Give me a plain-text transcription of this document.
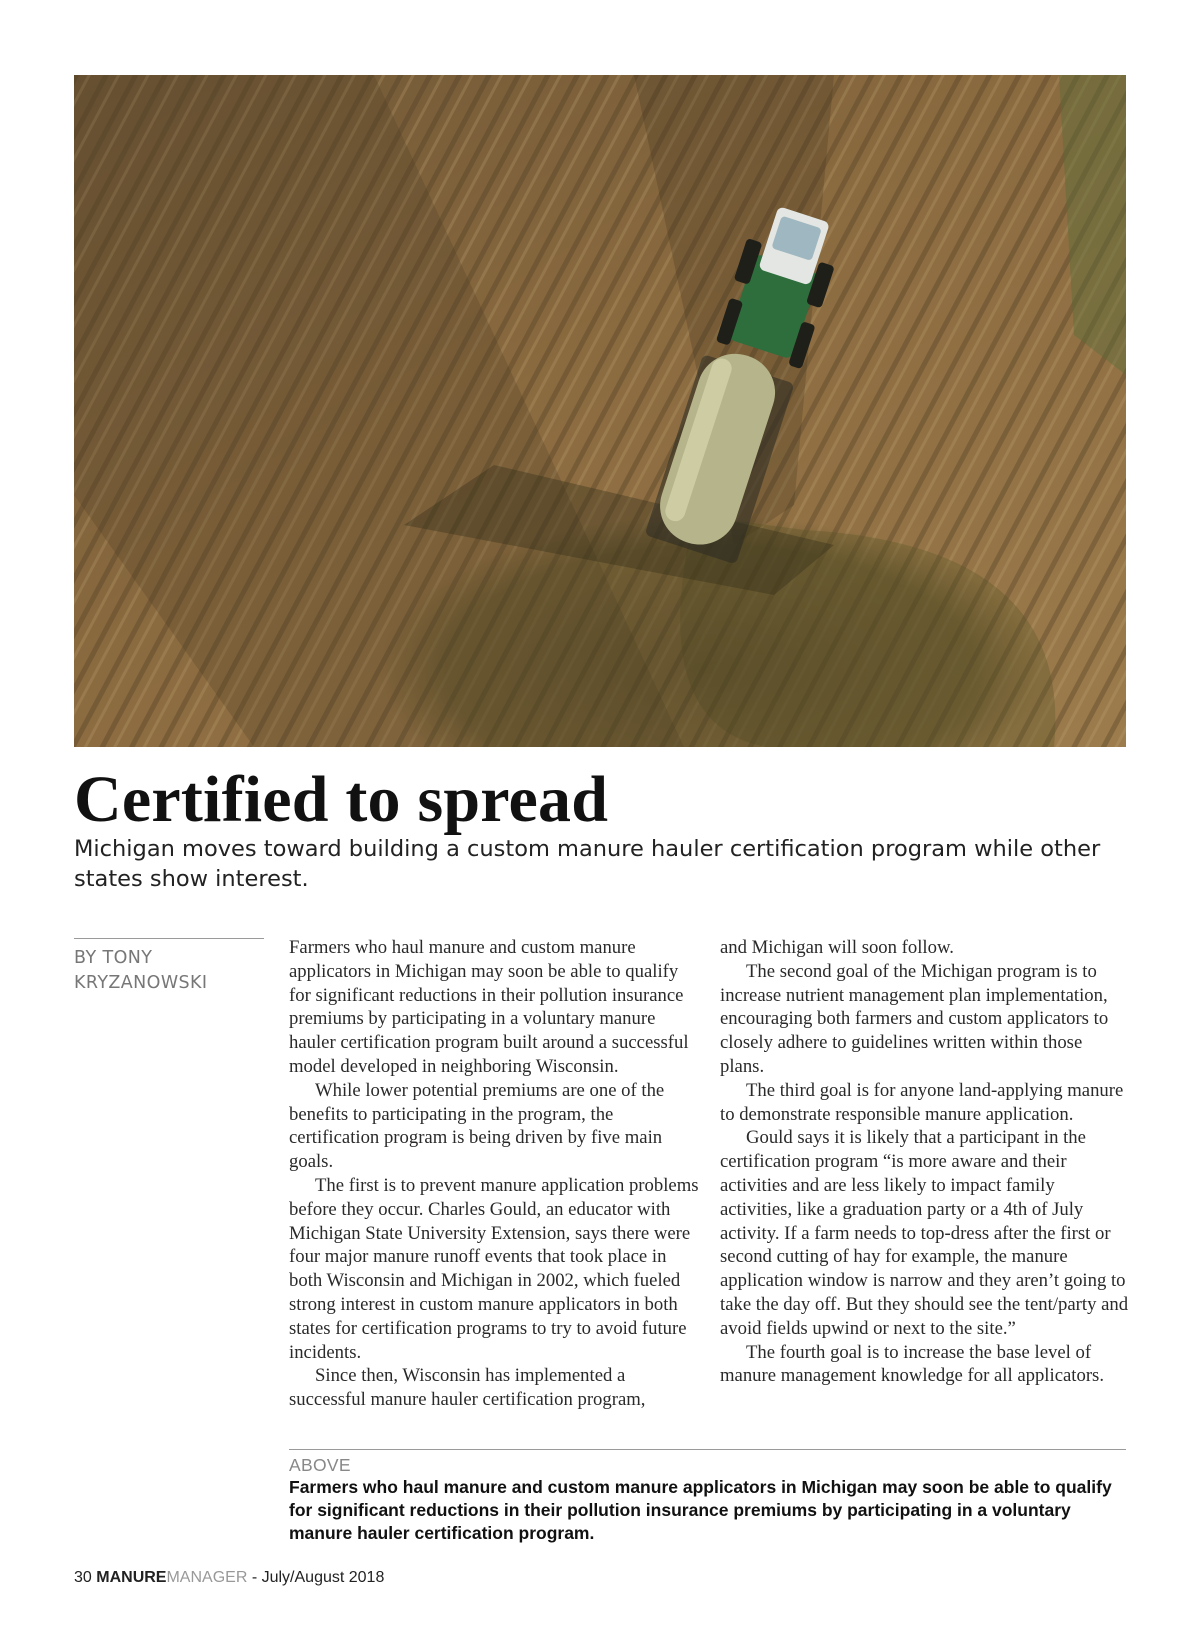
Certified to spread

Michigan moves toward building a custom manure hauler certification program while other states show interest.

BY TONY
KRYZANOWSKI

Farmers who haul manure and custom manure applicators in Michigan may soon be able to qualify for significant reductions in their pollution insurance premiums by participating in a voluntary manure hauler certification program built around a successful model developed in neighboring Wisconsin.

While lower potential premiums are one of the benefits to participating in the program, the certification program is being driven by five main goals.

The first is to prevent manure application problems before they occur. Charles Gould, an educator with Michigan State University Extension, says there were four major manure runoff events that took place in both Wisconsin and Michigan in 2002, which fueled strong interest in custom manure applicators in both states for certification programs to try to avoid future incidents.

Since then, Wisconsin has implemented a successful manure hauler certification program,

and Michigan will soon follow.

The second goal of the Michigan program is to increase nutrient management plan implementation, encouraging both farmers and custom applicators to closely adhere to guidelines written within those plans.

The third goal is for anyone land-applying manure to demonstrate responsible manure application.

Gould says it is likely that a participant in the certification program “is more aware and their activities and are less likely to impact family activities, like a graduation party or a 4th of July activity. If a farm needs to top-dress after the first or second cutting of hay for example, the manure application window is narrow and they aren’t going to take the day off. But they should see the tent/party and avoid fields upwind or next to the site.”

The fourth goal is to increase the base level of manure management knowledge for all applicators.

ABOVE
Farmers who haul manure and custom manure applicators in Michigan may soon be able to qualify for significant reductions in their pollution insurance premiums by participating in a voluntary manure hauler certification program.
30 MANUREMANAGER - July/August 2018
